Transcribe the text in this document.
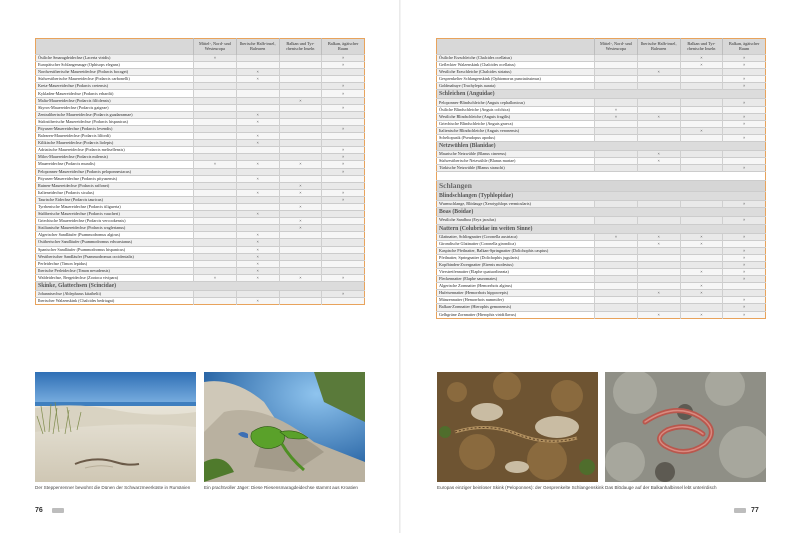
	Mittel-, Nord- und Westeuropa	Iberische Halb-insel, Balearen	Balkan und Tyr-rhenische Inseln	Balkan, ägäischer Raum
Östliche Smaragdeidechse (Lacerta viridis)	×			×
Europäischer Schlangenauge (Ophisops elegans)				×
Nordwestiberische Mauereidechse (Podarcis bocagei)		×		
Südwestiberische Mauereidechse (Podarcis carbonelli)		×		
Kreta-Mauereidechse (Podarcis cretensis)				×
Kykladen-Mauereidechse (Podarcis erhardii)				×
Malta-Mauereidechse (Podarcis filfolensis)			×	
Skyros-Mauereidechse (Podarcis gaigeae)				×
Zentraliberische Mauereidechse (Podarcis guadarramae)		×		
Südostiberische Mauereidechse (Podarcis hispanicus)		×		
Pityusen-Mauereidechse (Podarcis levendis)				×
Balearen-Mauereidechse (Podarcis lilfordi)		×		
Kilikische Mauereidechse (Podarcis liolepis)		×		
Adriatische Mauereidechse (Podarcis melisellensis)				×
Milos-Mauereidechse (Podarcis milensis)				×
Mauereidechse (Podarcis muralis)	×	×	×	×
Peloponnes-Mauereidechse (Podarcis peloponnesiacus)				×
Pityusen-Mauereidechse (Podarcis pityusensis)		×		
Ruinen-Mauereidechse (Podarcis raffonei)			×	
Italieneidechse (Podarcis siculus)		×	×	×
Taurische Eidechse (Podarcis tauricus)				×
Tyrrhenische Mauereidechse (Podarcis tiliguerta)			×	
Südiberische Mauereidechse (Podarcis vaucheri)		×		
Griechische Mauereidechse (Podarcis vercookensis)			×	
Sizilianische Mauereidechse (Podarcis waglerianus)			×	
Algerischer Sandläufer (Psammodromus algirus)		×		
Ostiberischer Sandläufer (Psammodromus edwarsianus)		×		
Spanischer Sandläufer (Psammodromus hispanicus)		×		
Westiberischer Sandläufer (Psammodromus occidentalis)		×		
Perleidechse (Timon lepidus)		×		
Iberische Perleidechse (Timon nevadensis)		×		
Waldeidechse, Bergeidechse (Zootoca vivipara)	×	×	×	×
Skinke, Glattechsen (Scincidae)				
Johannisechse (Ablepharus kitaibelii)				×
Iberischer Walzenskink (Chalcides bedriagai)		×		
Der Steppenrenner bewohnt die Dünen der Schwarzmeerküste in Rumänien	Ein prachtvoller Jäger: Diese Riesensmaragdeidechse stammt aus Kroatien
76
	Mittel-, Nord- und Westeuropa	Iberische Halb-insel, Balearen	Balkan und Tyr-rhenische Inseln	Balkan, ägäischer Raum
Östliche Erzschleiche (Chalcides ocellatus)			×	×
Gefleckter Walzenskink (Chalcides ocellatus)			×	×
Westliche Erzschleiche (Chalcides striatus)		×		
Gesprenkelter Schlangenskink (Ophiomorus punctatissimus)				×
Goldmabuye (Trachylepis aurata)				×
Schleichen (Anguidae)				
Peloponnes-Blindschleiche (Anguis cephallonicus)				×
Östliche Blindschleiche (Anguis colchica)	×			
Westliche Blindschleiche (Anguis fragilis)	×	×		×
Griechische Blindschleiche (Anguis graeca)				×
Italienische Blindschleiche (Anguis veronensis)			×	
Scheltopusik (Pseudopus apodus)				×
Netzwühlen (Blanidae)				
Maurische Netzwühle (Blanus cinereus)		×		
Südwestiberische Netzwühle (Blanus mariae)		×		
Türkische Netzwühle (Blanus strauchi)				×

Schlangen				
Blindschlangen (Typhlopidae)				
Wurmschlange, Blödauge (Xerotyphlops vermicularis)				×
Boas (Boidae)				
Westliche Sandboa (Eryx jaculus)				×
Nattern (Colubridae im weiten Sinne)				
Glattnatter, Schlingnatter (Coronella austriaca)	×	×	×	×
Girondische Glattnatter (Coronella girondica)		×	×	
Kaspische Pfeilnatter, Balkan-Springnatter (Dolichophis caspius)				×
Pfeilnatter, Springnatter (Dolichophis jugularis)				×
Kopfbinden-Zwergnatter (Eirenis modestus)				×
Vierstreifennatter (Elaphe quatuorlineata)			×	×
Fleckennatter (Elaphe sauromates)				×
Algerische Zornnatter (Hemorrhois algirus)			×	
Hufeisennatter (Hemorrhois hippocrepis)		×	×	
Münzennatter (Hemorrhois nummifer)				×
Balkan-Zornnatter (Hierophis gemonensis)				×
Gelbgrüne Zornnatter (Hierophis viridiflavus)		×	×	×
Europas einziger beinloser Skink (Peloponnes): der Gesprenkelte Schlangenskink Das Blödauge auf der Balkanhalbinsel lebt unterirdisch
77
